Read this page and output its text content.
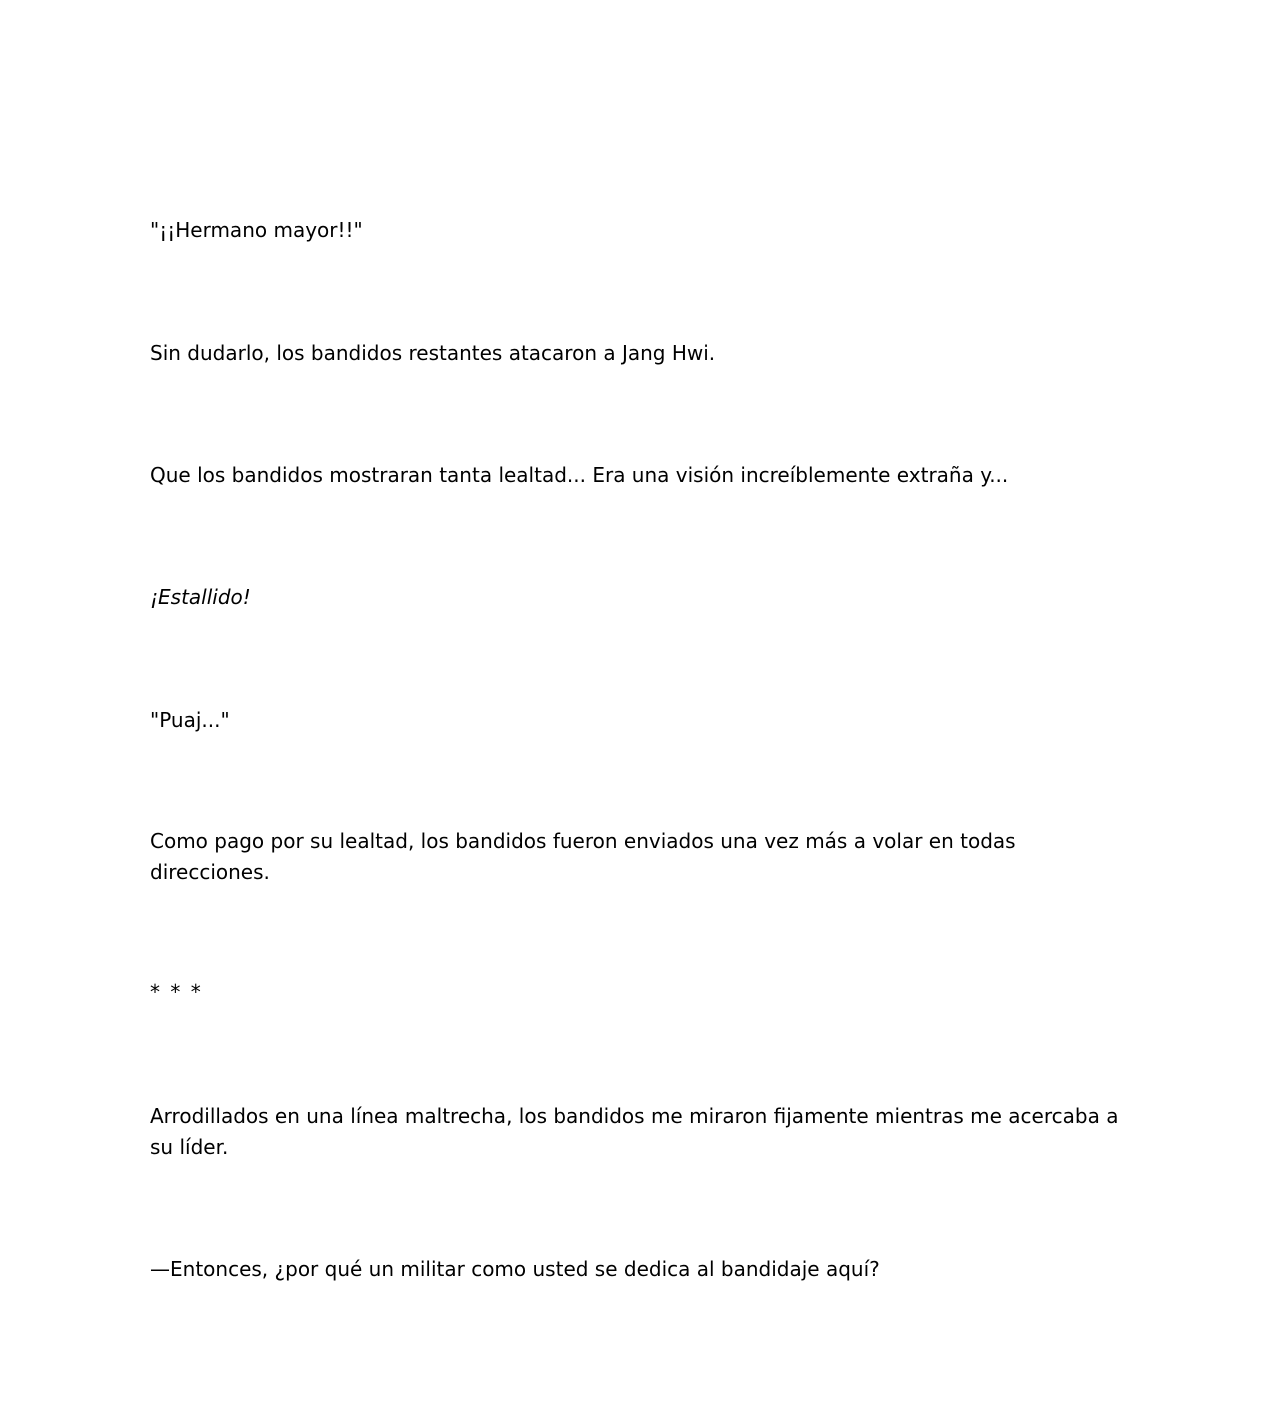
"¡¡Hermano mayor!!"

Sin dudarlo, los bandidos restantes atacaron a Jang Hwi.

Que los bandidos mostraran tanta lealtad... Era una visión increíblemente extraña y...

¡Estallido!

"Puaj..."

Como pago por su lealtad, los bandidos fueron enviados una vez más a volar en todas direcciones.

* * *

Arrodillados en una línea maltrecha, los bandidos me miraron fijamente mientras me acercaba a su líder.

—Entonces, ¿por qué un militar como usted se dedica al bandidaje aquí?
